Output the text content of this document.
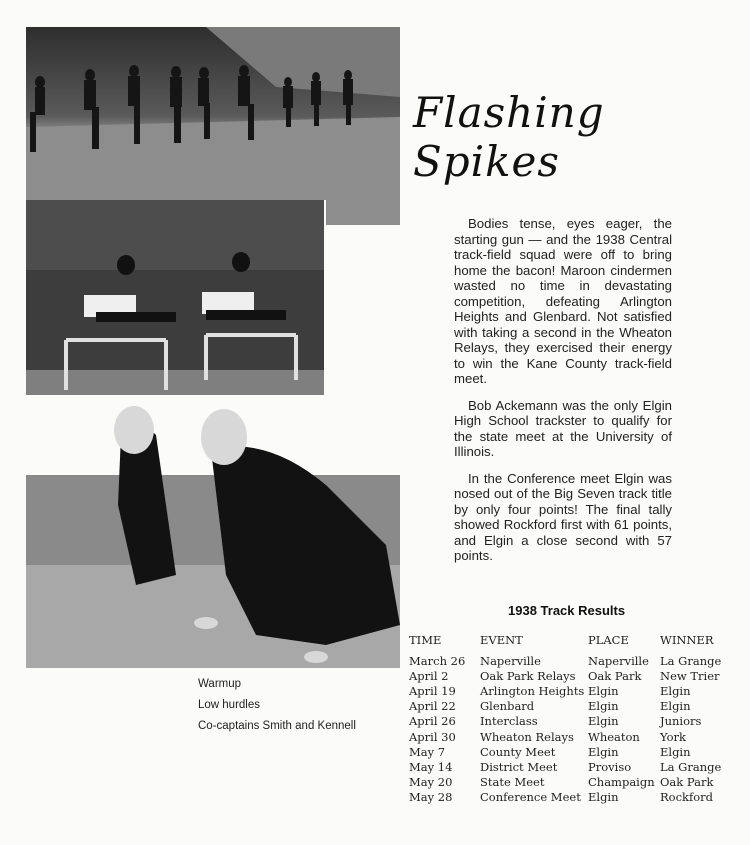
Flashing Spikes

Bodies tense, eyes eager, the starting gun — and the 1938 Central track-field squad were off to bring home the bacon! Maroon cindermen wasted no time in devastating competition, defeating Arlington Heights and Glenbard. Not satisfied with taking a second in the Wheaton Relays, they exercised their energy to win the Kane County track-field meet.

Bob Ackemann was the only Elgin High School trackster to qualify for the state meet at the University of Illinois.

In the Conference meet Elgin was nosed out of the Big Seven track title by only four points! The final tally showed Rockford first with 61 points, and Elgin a close second with 57 points.

Warmup
Low hurdles
Co-captains Smith and Kennell
1938 Track Results
TIME	EVENT	PLACE	WINNER
March 26	Naperville	Naperville	La Grange
April 2	Oak Park Relays	Oak Park	New Trier
April 19	Arlington Heights	Elgin	Elgin
April 22	Glenbard	Elgin	Elgin
April 26	Interclass	Elgin	Juniors
April 30	Wheaton Relays	Wheaton	York
May 7	County Meet	Elgin	Elgin
May 14	District Meet	Proviso	La Grange
May 20	State Meet	Champaign	Oak Park
May 28	Conference Meet	Elgin	Rockford
